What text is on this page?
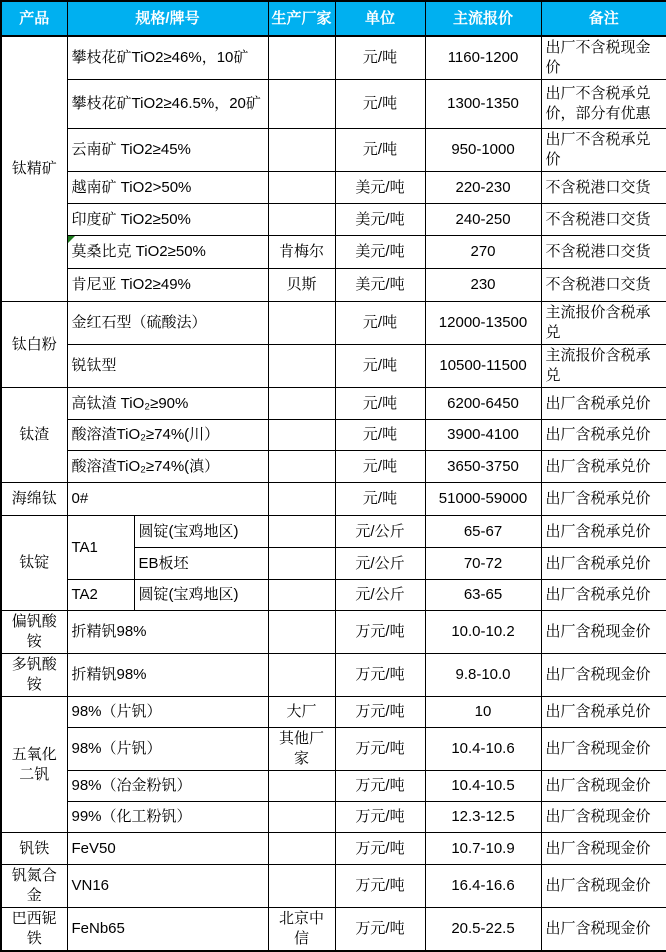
产品	规格/牌号		生产厂家	单位	主流报价	备注
钛精矿	攀枝花矿TiO2≥46%，10矿			元/吨	1160-1200	出厂不含税现金价
	攀枝花矿TiO2≥46.5%，20矿			元/吨	1300-1350	出厂不含税承兑价，部分有优惠
	云南矿 TiO2≥45%			元/吨	950-1000	出厂不含税承兑价
	越南矿 TiO2>50%			美元/吨	220-230	不含税港口交货
	印度矿 TiO2≥50%			美元/吨	240-250	不含税港口交货
	莫桑比克 TiO2≥50%		肯梅尔	美元/吨	270	不含税港口交货
	肯尼亚 TiO2≥49%		贝斯	美元/吨	230	不含税港口交货
钛白粉	金红石型（硫酸法）			元/吨	12000-13500	主流报价含税承兑
	锐钛型			元/吨	10500-11500	主流报价含税承兑
钛渣	高钛渣 TiO₂≥90%			元/吨	6200-6450	出厂含税承兑价
	酸溶渣TiO₂≥74%(川）			元/吨	3900-4100	出厂含税承兑价
	酸溶渣TiO₂≥74%(滇）			元/吨	3650-3750	出厂含税承兑价
海绵钛	0#			元/吨	51000-59000	出厂含税承兑价
钛锭	TA1	圆锭(宝鸡地区)		元/公斤	65-67	出厂含税承兑价
		EB板坯		元/公斤	70-72	出厂含税承兑价
	TA2	圆锭(宝鸡地区)		元/公斤	63-65	出厂含税承兑价
偏钒酸铵	折精钒98%			万元/吨	10.0-10.2	出厂含税现金价
多钒酸铵	折精钒98%			万元/吨	9.8-10.0	出厂含税现金价
五氧化二钒	98%（片钒）		大厂	万元/吨	10	出厂含税承兑价
	98%（片钒）		其他厂家	万元/吨	10.4-10.6	出厂含税现金价
	98%（冶金粉钒）			万元/吨	10.4-10.5	出厂含税现金价
	99%（化工粉钒）			万元/吨	12.3-12.5	出厂含税现金价
钒铁	FeV50			万元/吨	10.7-10.9	出厂含税现金价
钒氮合金	VN16			万元/吨	16.4-16.6	出厂含税现金价
巴西铌铁	FeNb65		北京中信	万元/吨	20.5-22.5	出厂含税现金价
